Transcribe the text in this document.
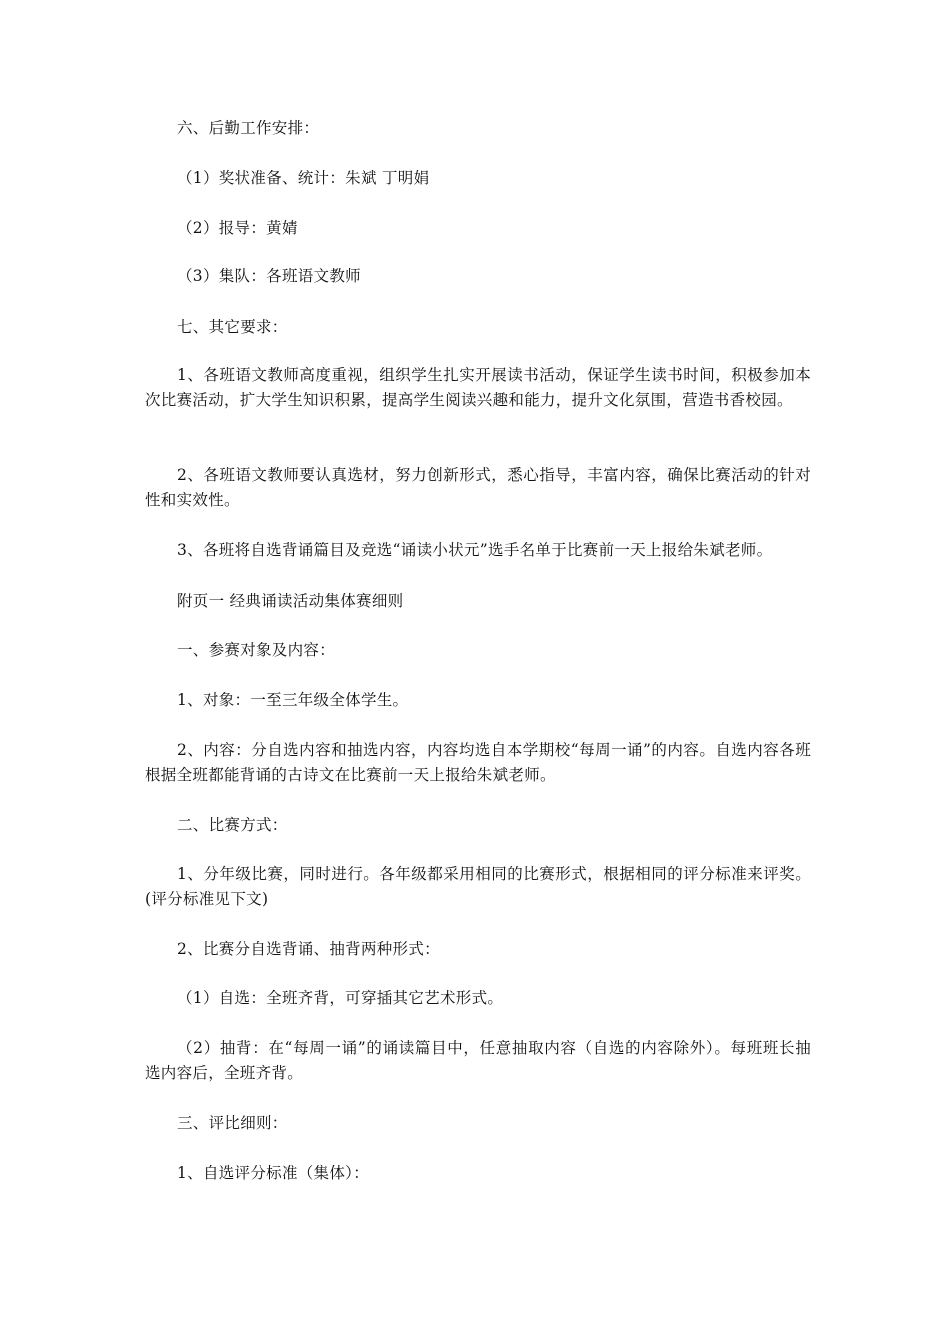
六、后勤工作安排：

（1）奖状准备、统计：朱斌 丁明娟

（2）报导：黄婧

（3）集队：各班语文教师

七、其它要求：

1、各班语文教师高度重视，组织学生扎实开展读书活动，保证学生读书时间，积极参加本次比赛活动，扩大学生知识积累，提高学生阅读兴趣和能力，提升文化氛围，营造书香校园。

2、各班语文教师要认真选材，努力创新形式，悉心指导，丰富内容，确保比赛活动的针对性和实效性。

3、各班将自选背诵篇目及竞选“诵读小状元”选手名单于比赛前一天上报给朱斌老师。

附页一 经典诵读活动集体赛细则

一、参赛对象及内容：

1、对象：一至三年级全体学生。

2、内容：分自选内容和抽选内容，内容均选自本学期校“每周一诵”的内容。自选内容各班根据全班都能背诵的古诗文在比赛前一天上报给朱斌老师。

二、比赛方式：

1、分年级比赛，同时进行。各年级都采用相同的比赛形式，根据相同的评分标准来评奖。(评分标准见下文)

2、比赛分自选背诵、抽背两种形式：

（1）自选：全班齐背，可穿插其它艺术形式。

（2）抽背：在“每周一诵”的诵读篇目中，任意抽取内容（自选的内容除外）。每班班长抽选内容后，全班齐背。

三、评比细则：

1、自选评分标准（集体）：
